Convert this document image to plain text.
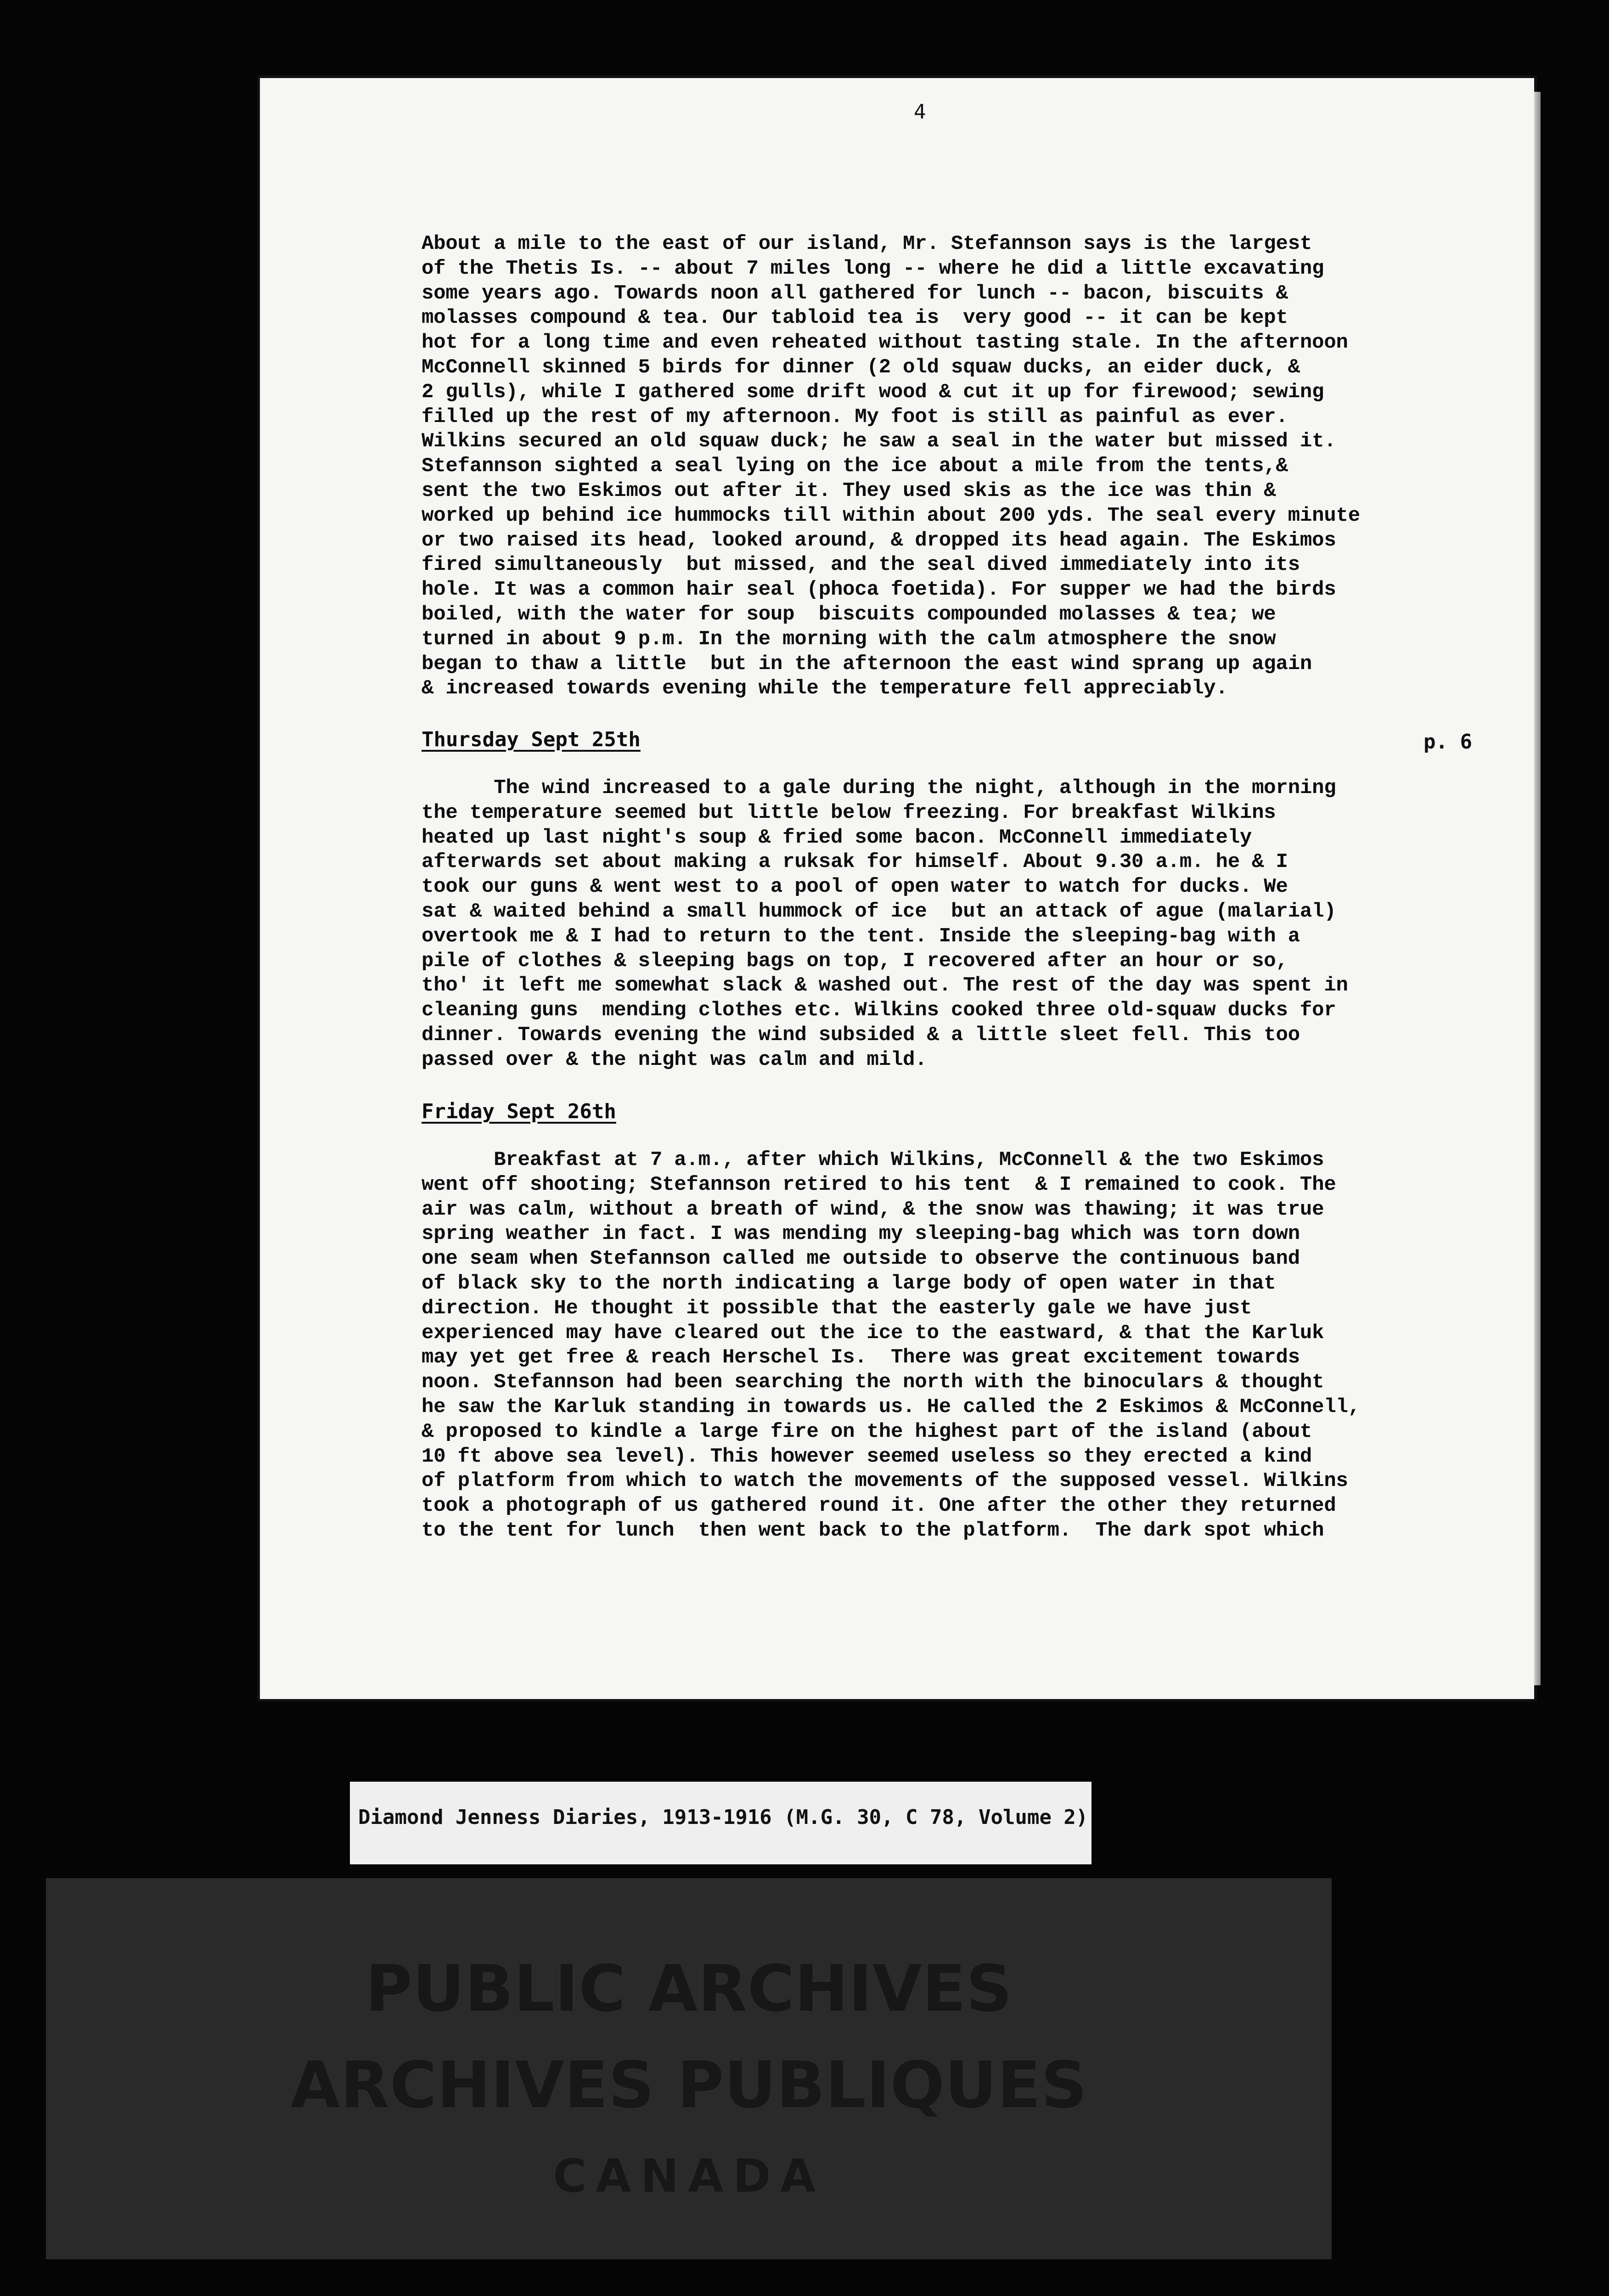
4
About a mile to the east of our island, Mr. Stefannson says is the largest
of the Thetis Is. -- about 7 miles long -- where he did a little excavating
some years ago. Towards noon all gathered for lunch -- bacon, biscuits &
molasses compound & tea. Our tabloid tea is  very good -- it can be kept
hot for a long time and even reheated without tasting stale. In the afternoon
McConnell skinned 5 birds for dinner (2 old squaw ducks, an eider duck, &
2 gulls), while I gathered some drift wood & cut it up for firewood; sewing
filled up the rest of my afternoon. My foot is still as painful as ever.
Wilkins secured an old squaw duck; he saw a seal in the water but missed it.
Stefannson sighted a seal lying on the ice about a mile from the tents,&
sent the two Eskimos out after it. They used skis as the ice was thin &
worked up behind ice hummocks till within about 200 yds. The seal every minute
or two raised its head, looked around, & dropped its head again. The Eskimos
fired simultaneously  but missed, and the seal dived immediately into its
hole. It was a common hair seal (phoca foetida). For supper we had the birds
boiled, with the water for soup  biscuits compounded molasses & tea; we
turned in about 9 p.m. In the morning with the calm atmosphere the snow
began to thaw a little  but in the afternoon the east wind sprang up again
& increased towards evening while the temperature fell appreciably.
Thursday Sept 25th	p. 6
The wind increased to a gale during the night, although in the morning
the temperature seemed but little below freezing. For breakfast Wilkins
heated up last night's soup & fried some bacon. McConnell immediately
afterwards set about making a ruksak for himself. About 9.30 a.m. he & I
took our guns & went west to a pool of open water to watch for ducks. We
sat & waited behind a small hummock of ice  but an attack of ague (malarial)
overtook me & I had to return to the tent. Inside the sleeping-bag with a
pile of clothes & sleeping bags on top, I recovered after an hour or so,
tho' it left me somewhat slack & washed out. The rest of the day was spent in
cleaning guns  mending clothes etc. Wilkins cooked three old-squaw ducks for
dinner. Towards evening the wind subsided & a little sleet fell. This too
passed over & the night was calm and mild.
Friday Sept 26th
Breakfast at 7 a.m., after which Wilkins, McConnell & the two Eskimos
went off shooting; Stefannson retired to his tent  & I remained to cook. The
air was calm, without a breath of wind, & the snow was thawing; it was true
spring weather in fact. I was mending my sleeping-bag which was torn down
one seam when Stefannson called me outside to observe the continuous band
of black sky to the north indicating a large body of open water in that
direction. He thought it possible that the easterly gale we have just
experienced may have cleared out the ice to the eastward, & that the Karluk
may yet get free & reach Herschel Is.  There was great excitement towards
noon. Stefannson had been searching the north with the binoculars & thought
he saw the Karluk standing in towards us. He called the 2 Eskimos & McConnell,
& proposed to kindle a large fire on the highest part of the island (about
10 ft above sea level). This however seemed useless so they erected a kind
of platform from which to watch the movements of the supposed vessel. Wilkins
took a photograph of us gathered round it. One after the other they returned
to the tent for lunch  then went back to the platform.  The dark spot which
Diamond Jenness Diaries, 1913-1916 (M.G. 30, C 78, Volume 2)
PUBLIC ARCHIVES
ARCHIVES PUBLIQUES
CANADA
